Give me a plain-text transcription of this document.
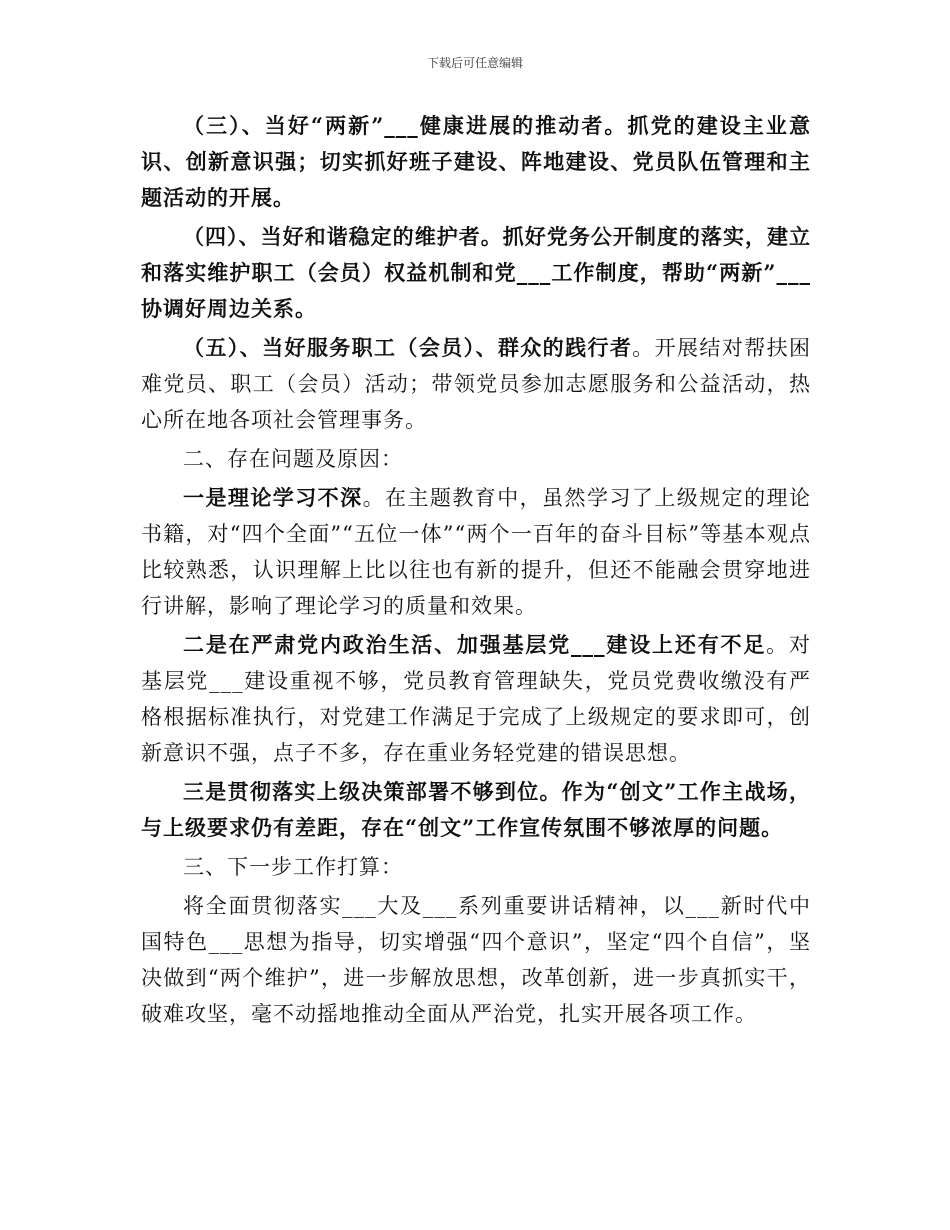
下载后可任意编辑

（三）、当好“两新”___健康进展的推动者。抓党的建设主业意识、创新意识强；切实抓好班子建设、阵地建设、党员队伍管理和主题活动的开展。

（四）、当好和谐稳定的维护者。抓好党务公开制度的落实，建立和落实维护职工（会员）权益机制和党___工作制度，帮助“两新”___协调好周边关系。

（五）、当好服务职工（会员）、群众的践行者。开展结对帮扶困难党员、职工（会员）活动；带领党员参加志愿服务和公益活动，热心所在地各项社会管理事务。

二、存在问题及原因：

一是理论学习不深。在主题教育中，虽然学习了上级规定的理论书籍，对“四个全面”“五位一体”“两个一百年的奋斗目标”等基本观点比较熟悉，认识理解上比以往也有新的提升，但还不能融会贯穿地进行讲解，影响了理论学习的质量和效果。

二是在严肃党内政治生活、加强基层党___建设上还有不足。对基层党___建设重视不够，党员教育管理缺失，党员党费收缴没有严格根据标准执行，对党建工作满足于完成了上级规定的要求即可，创新意识不强，点子不多，存在重业务轻党建的错误思想。

三是贯彻落实上级决策部署不够到位。作为“创文”工作主战场，与上级要求仍有差距，存在“创文”工作宣传氛围不够浓厚的问题。

三、下一步工作打算：

将全面贯彻落实___大及___系列重要讲话精神，以___新时代中国特色___思想为指导，切实增强“四个意识”，坚定“四个自信”，坚决做到“两个维护”，进一步解放思想，改革创新，进一步真抓实干，破难攻坚，毫不动摇地推动全面从严治党，扎实开展各项工作。
